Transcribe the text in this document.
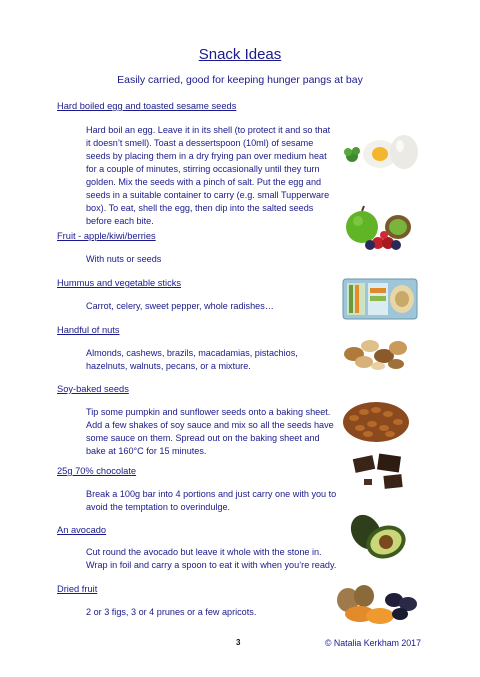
Snack Ideas
Easily carried, good for keeping hunger pangs at bay
Hard boiled egg and toasted sesame seeds
Hard boil an egg. Leave it in its shell (to protect it and so that
it doesn’t smell). Toast a dessertspoon (10ml) of sesame
seeds by placing them in a dry frying pan over medium heat
for a couple of minutes, stirring occasionally until they turn
golden. Mix the seeds with a pinch of salt. Put the egg and
seeds in a suitable container to carry (e.g. small Tupperware
box). To eat, shell the egg, then dip into the salted seeds
before each bite.
Fruit - apple/kiwi/berries
With nuts or seeds
Hummus and vegetable sticks
Carrot, celery, sweet pepper, whole radishes…
Handful of nuts
Almonds, cashews, brazils, macadamias, pistachios,
hazelnuts, walnuts, pecans, or a mixture.
Soy-baked seeds
Tip some pumpkin and sunflower seeds onto a baking sheet.
Add a few shakes of soy sauce and mix so all the seeds have
some sauce on them. Spread out on the baking sheet and
bake at 160°C for 15 minutes.
25g 70% chocolate
Break a 100g bar into 4 portions and just carry one with you to
avoid the temptation to overindulge.
An avocado
Cut round the avocado but leave it whole with the stone in.
Wrap in foil and carry a spoon to eat it with when you’re ready.
Dried fruit
2 or 3 figs, 3 or 4 prunes or a few apricots.
3	© Natalia Kerkham 2017
